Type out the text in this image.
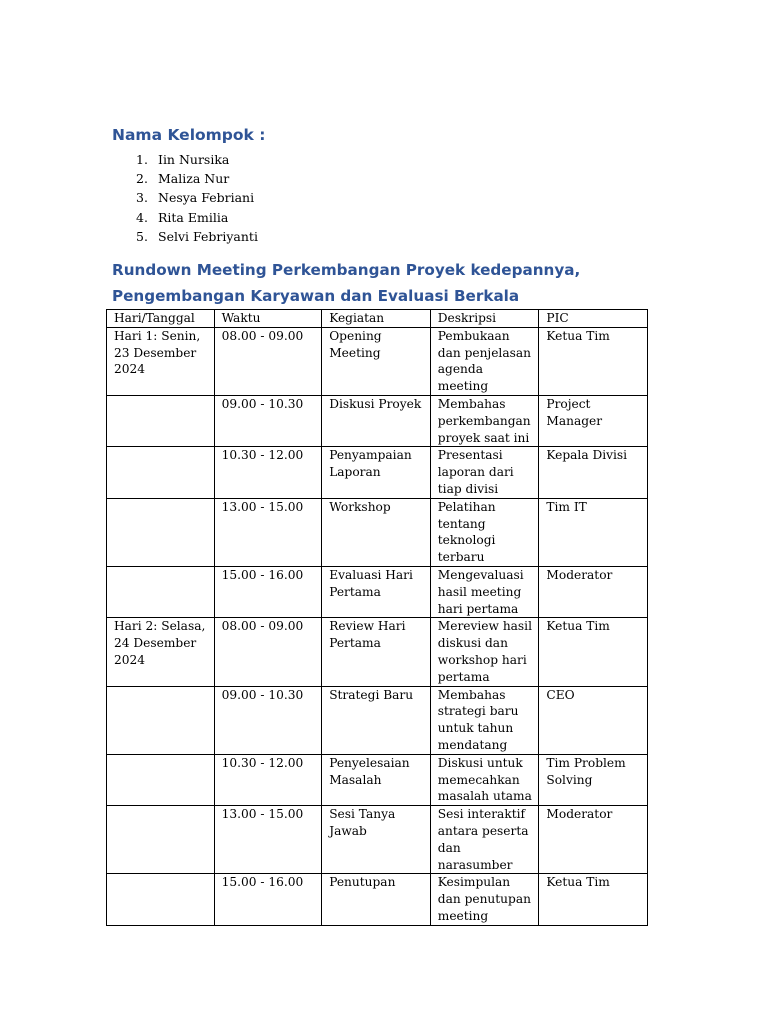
Nama Kelompok :
1. Iin Nursika
2. Maliza Nur
3. Nesya Febriani
4. Rita Emilia
5. Selvi Febriyanti
Rundown Meeting Perkembangan Proyek kedepannya, Pengembangan Karyawan dan Evaluasi Berkala
Hari/Tanggal	Waktu	Kegiatan	Deskripsi	PIC
Hari 1: Senin, 23 Desember 2024	08.00 - 09.00	Opening Meeting	Pembukaan dan penjelasan agenda meeting	Ketua Tim
	09.00 - 10.30	Diskusi Proyek	Membahas perkembangan proyek saat ini	Project Manager
	10.30 - 12.00	Penyampaian Laporan	Presentasi laporan dari tiap divisi	Kepala Divisi
	13.00 - 15.00	Workshop	Pelatihan tentang teknologi terbaru	Tim IT
	15.00 - 16.00	Evaluasi Hari Pertama	Mengevaluasi hasil meeting hari pertama	Moderator
Hari 2: Selasa, 24 Desember 2024	08.00 - 09.00	Review Hari Pertama	Mereview hasil diskusi dan workshop hari pertama	Ketua Tim
	09.00 - 10.30	Strategi Baru	Membahas strategi baru untuk tahun mendatang	CEO
	10.30 - 12.00	Penyelesaian Masalah	Diskusi untuk memecahkan masalah utama	Tim Problem Solving
	13.00 - 15.00	Sesi Tanya Jawab	Sesi interaktif antara peserta dan narasumber	Moderator
	15.00 - 16.00	Penutupan	Kesimpulan dan penutupan meeting	Ketua Tim
